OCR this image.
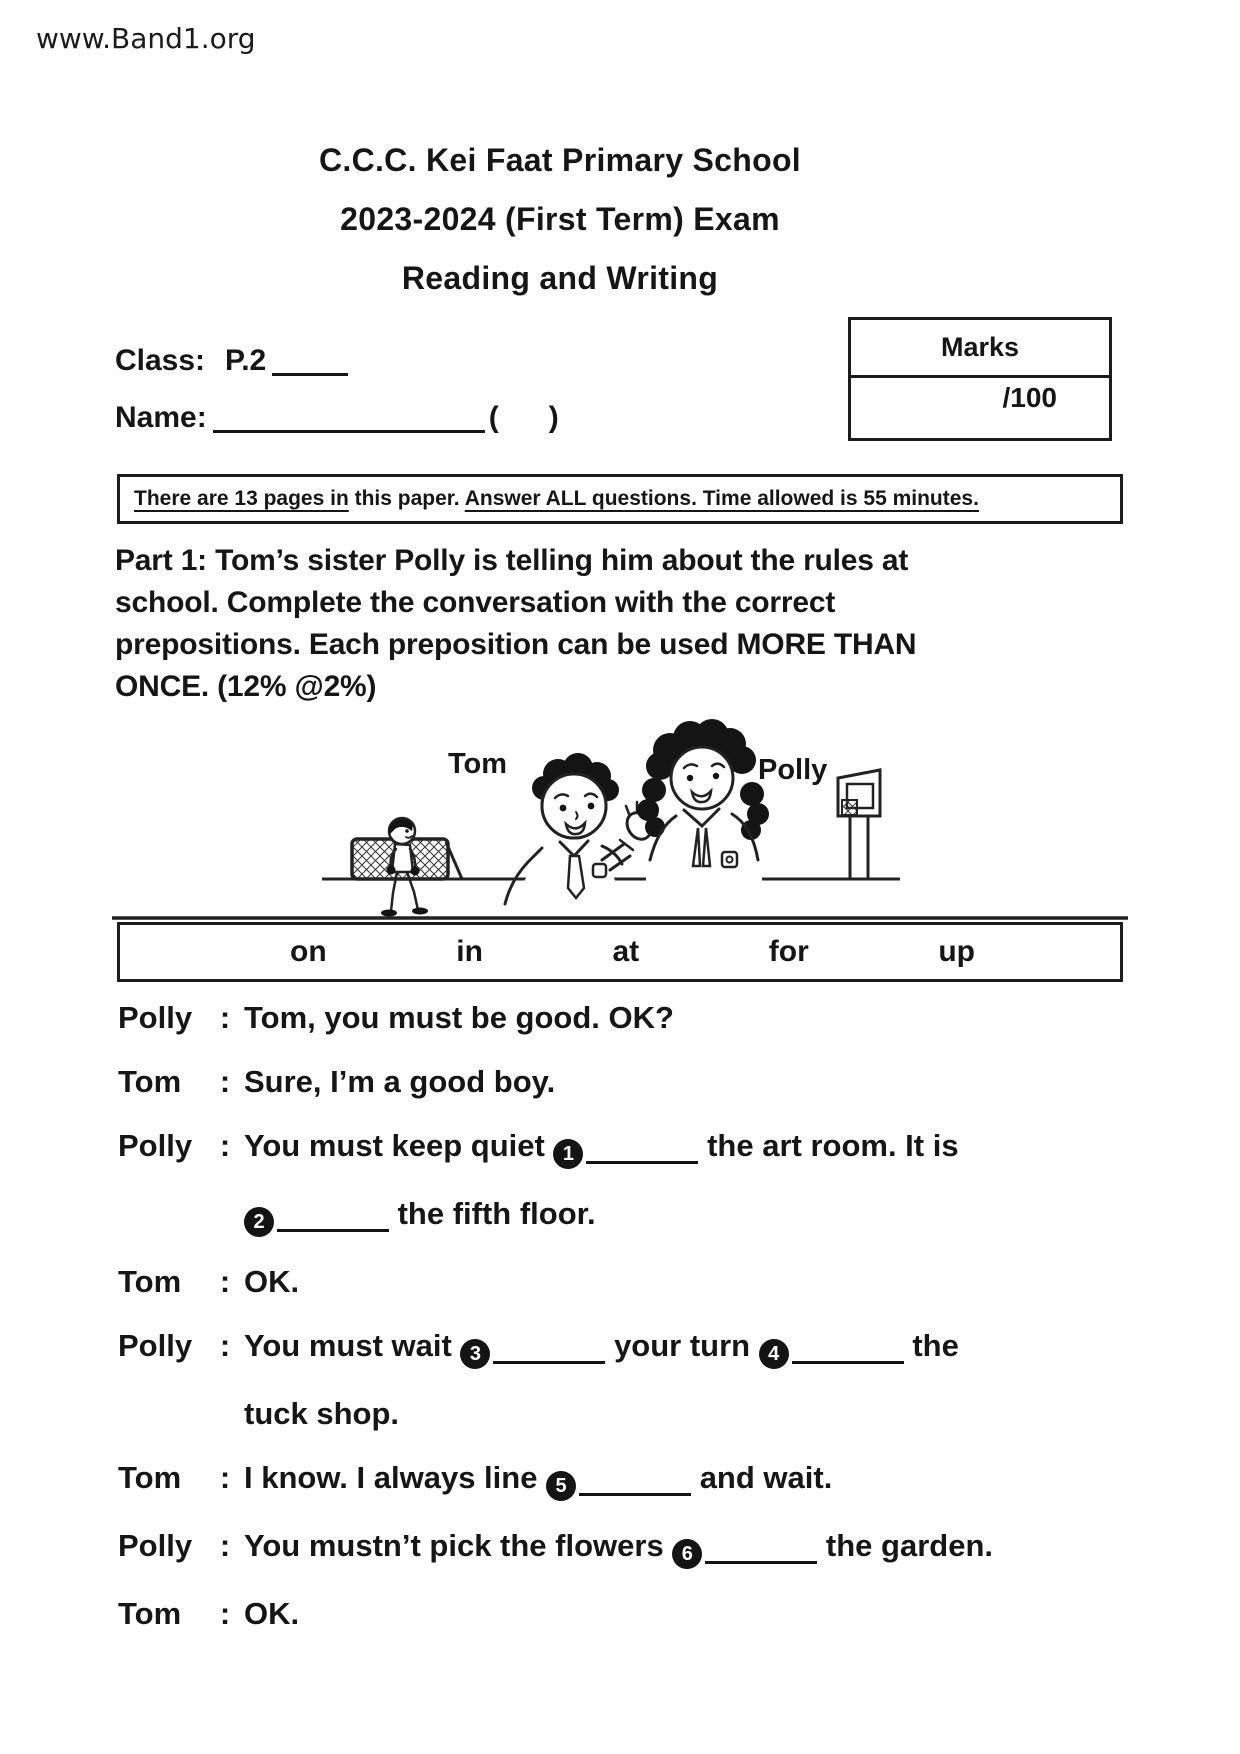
www.Band1.org
C.C.C. Kei Faat Primary School
2023-2024 (First Term) Exam
Reading and Writing
Class: P.2
Name:	(      )
Marks
/100
There are 13 pages in this paper. Answer ALL questions. Time allowed is 55 minutes.
Part 1: Tom’s sister Polly is telling him about the rules at
school. Complete the conversation with the correct
prepositions. Each preposition can be used MORE THAN
ONCE. (12% @2%)
Tom	Polly
on	in	at	for	up
Polly : Tom, you must be good. OK?
Tom	: Sure, I’m a good boy.
Polly : You must keep quiet 1	the art room. It is
2	the fifth floor.
Tom	: OK.
Polly : You must wait 3	your turn 4	the
tuck shop.
Tom	: I know. I always line 5	and wait.
Polly : You mustn’t pick the flowers 6	the garden.
Tom	: OK.
